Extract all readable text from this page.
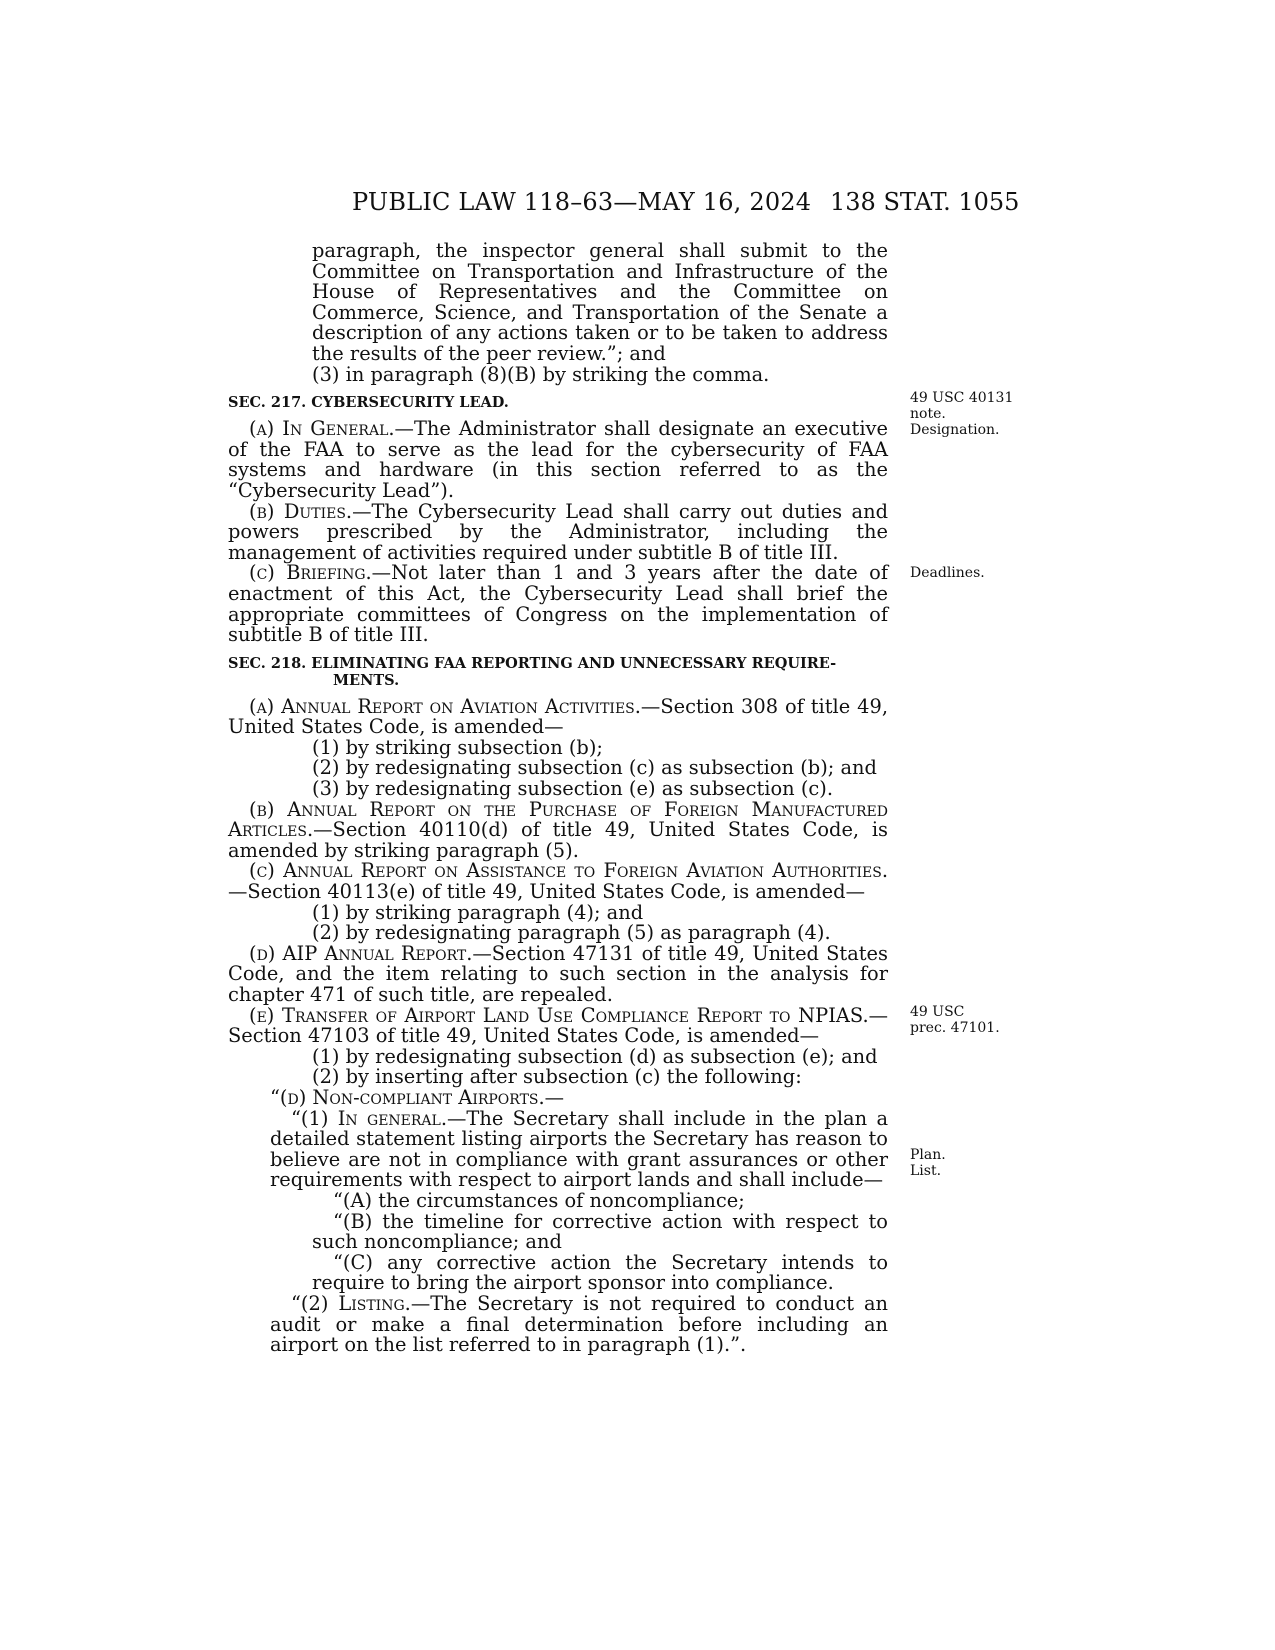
PUBLIC LAW 118–63—MAY 16, 2024 138 STAT. 1055

paragraph, the inspector general shall submit to the Committee on Transportation and Infrastructure of the House of Representatives and the Committee on Commerce, Science, and Transportation of the Senate a description of any actions taken or to be taken to address the results of the peer review.”; and

(3) in paragraph (8)(B) by striking the comma.

SEC. 217. CYBERSECURITY LEAD.

(a) In General.—The Administrator shall designate an executive of the FAA to serve as the lead for the cybersecurity of FAA systems and hardware (in this section referred to as the “Cybersecurity Lead”).

(b) Duties.—The Cybersecurity Lead shall carry out duties and powers prescribed by the Administrator, including the management of activities required under subtitle B of title III.

(c) Briefing.—Not later than 1 and 3 years after the date of enactment of this Act, the Cybersecurity Lead shall brief the appropriate committees of Congress on the implementation of subtitle B of title III.

SEC. 218. ELIMINATING FAA REPORTING AND UNNECESSARY REQUIRE-
MENTS.

(a) Annual Report on Aviation Activities.—Section 308 of title 49, United States Code, is amended—

(1) by striking subsection (b);

(2) by redesignating subsection (c) as subsection (b); and

(3) by redesignating subsection (e) as subsection (c).

(b) Annual Report on the Purchase of Foreign Manufactured Articles.—Section 40110(d) of title 49, United States Code, is amended by striking paragraph (5).

(c) Annual Report on Assistance to Foreign Aviation Authorities.—Section 40113(e) of title 49, United States Code, is amended—

(1) by striking paragraph (4); and

(2) by redesignating paragraph (5) as paragraph (4).

(d) AIP Annual Report.—Section 47131 of title 49, United States Code, and the item relating to such section in the analysis for chapter 471 of such title, are repealed.

(e) Transfer of Airport Land Use Compliance Report to NPIAS.—Section 47103 of title 49, United States Code, is amended—

(1) by redesignating subsection (d) as subsection (e); and

(2) by inserting after subsection (c) the following:

“(d) Non-compliant Airports.—

“(1) In general.—The Secretary shall include in the plan a detailed statement listing airports the Secretary has reason to believe are not in compliance with grant assurances or other requirements with respect to airport lands and shall include—

“(A) the circumstances of noncompliance;

“(B) the timeline for corrective action with respect to such noncompliance; and

“(C) any corrective action the Secretary intends to require to bring the airport sponsor into compliance.

“(2) Listing.—The Secretary is not required to conduct an audit or make a final determination before including an airport on the list referred to in paragraph (1).”.

49 USC 40131
note.
Designation.
Deadlines.
49 USC
prec. 47101.
Plan.
List.
